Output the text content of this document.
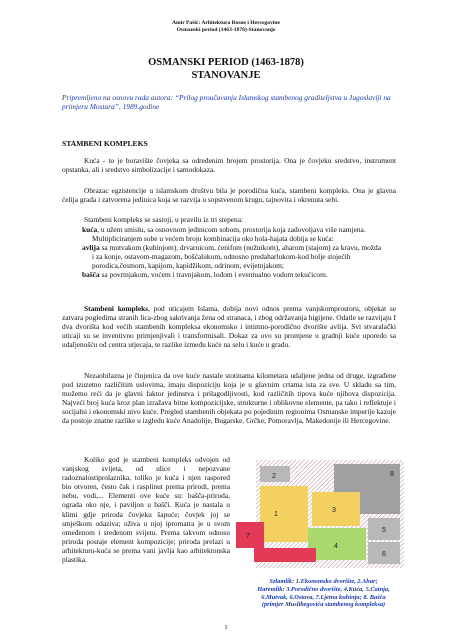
Amir Pašić: Arhitektura Bosne i Hercegovine
Osmanski period (1463-1878)-Stanovanje
OSMANSKI PERIOD (1463-1878)
STANOVANJE
Pripremljeno na osnovu rada autora: “Prilog proučavanju Islamskog stambenog graditeljstva u Jugoslaviji na primjeru Mostara”, 1989.godine
STAMBENI KOMPLEKS

Kuća - to je boravište čovjeka sa određenim brojem prostorija. Ona je čovjeku sredstvo, instrument opstanka, ali i sredstvo simbolizacije i samodokaza.

Obrazac egzistencije u islamskom društvu bila je porodična kuća, stambeni kompleks. Ona je glavna ćelija grada i zatvorena jedinica koja se razvija u sopstvenom krugu, tajnovita i okrenuta sebi.

Stambeni kompleks se sastoji, u pravilu iz tri stepena:

kuća, u užem smislu, sa osnovnom jedinicom sobom, prostorija koja zadovoljava više namjena. Multipliciranjem sobe u većem broju kombinacija oko hola-hajata dobija se kuća:
avlija sa mutvakom (kuhinjom), drvarnicom, ćenifom (nužnikom), aharom (stajom) za kravu, možda i za konje, ostavom-magazom, bošćalukom, odnosno predaharlukom-kod bolje stojećih porodica,česmom, kapijom, kapidžikom, odrinom, evijetnjakom;
bašča sa povrtnjakom, voćem i travnjakom, lođom i eventualno vodom tekućicom.

Stambeni kompleks, pod uticajem Islama, dobija novi odnos prema vanjskomprostoru, objekat se zatvara pogledima stranih lica-zbog sakrivanja žena od stranaca, i zbog održavanja higijene. Odatle se razvijaju I dva dvorišta kod većih stambenih kompleksa ekonomsko i intimno-porodično dvorište avlija. Svi stvaralački uticaji su se inventivno primjenjivali i transformisali. Dokaz za ovo su promjene u gradnji kuće uporedo sa udaljenošću od centra utjecaja, te razlike između kuće na selu i kuće u gradu.

Nezaobilazna je činjenica da ove kuće nastale stotinama kilometara udaljene jedna od druge, izgrađene pod izuzetno različitim uslovima, imaju dispoziciju koja je u glavnim crtama ista za sve. U skladu sa tim, možemo reći da je glavni faktor jedinstva i prilagodljivosti, kod različitih tipova kuće njihova dispozicija. Najveći broj kuća kroz plan izražava bitne kompozicijske, strukturne i oblikovne elemente, pa tako i reflektuje i socijalni i ekonomski nivo kuće. Pregled stambenih objekata po pojedinim regionima Osmanske imperije kazuje da postoje znatne razlike u izgledu kuće Anadolije, Bugarske, Grčke, Pomoravlja, Makedonije ili Hercegovine.

Koliko god je stambeni kompleks odvojen od vanjskog svijeta, od ulice i nepozvane radoznalostiprolaznika, toliko je kuća i njen raspored bio otvoren, često čak i rasplinut prema prirodi, prema nebu, vodi,... Elementi ove kuće su: bašča-priroda, ograda oko nje, i paviljon u bašči. Kuća je nastala u klimi gdje priroda čovjeku šapuće; čovjek joj se smješkom odaziva; uživa u njoj ipromatra je u svom omeđenom i sređenom svijetu. Prema takvom odnosu priroda postaje element kompozicije; priroda prelazi u arhitekturu-kuća se prema vani javlja kao arhitektonska plastika.

1
2
3
4
5
6
7
8
Szlamlik: 1.Ekonomsko dvorište, 2.Ahar;
Haremlik: 3.Porodično dvorište, 4.Kuća, 5.Ćatnja,
6.Mutvak, 6.Ostava, 7.Ljetna kuhinja; 8. Bašča
(primjer Muslibegovića stambenog kompleksa)
1
